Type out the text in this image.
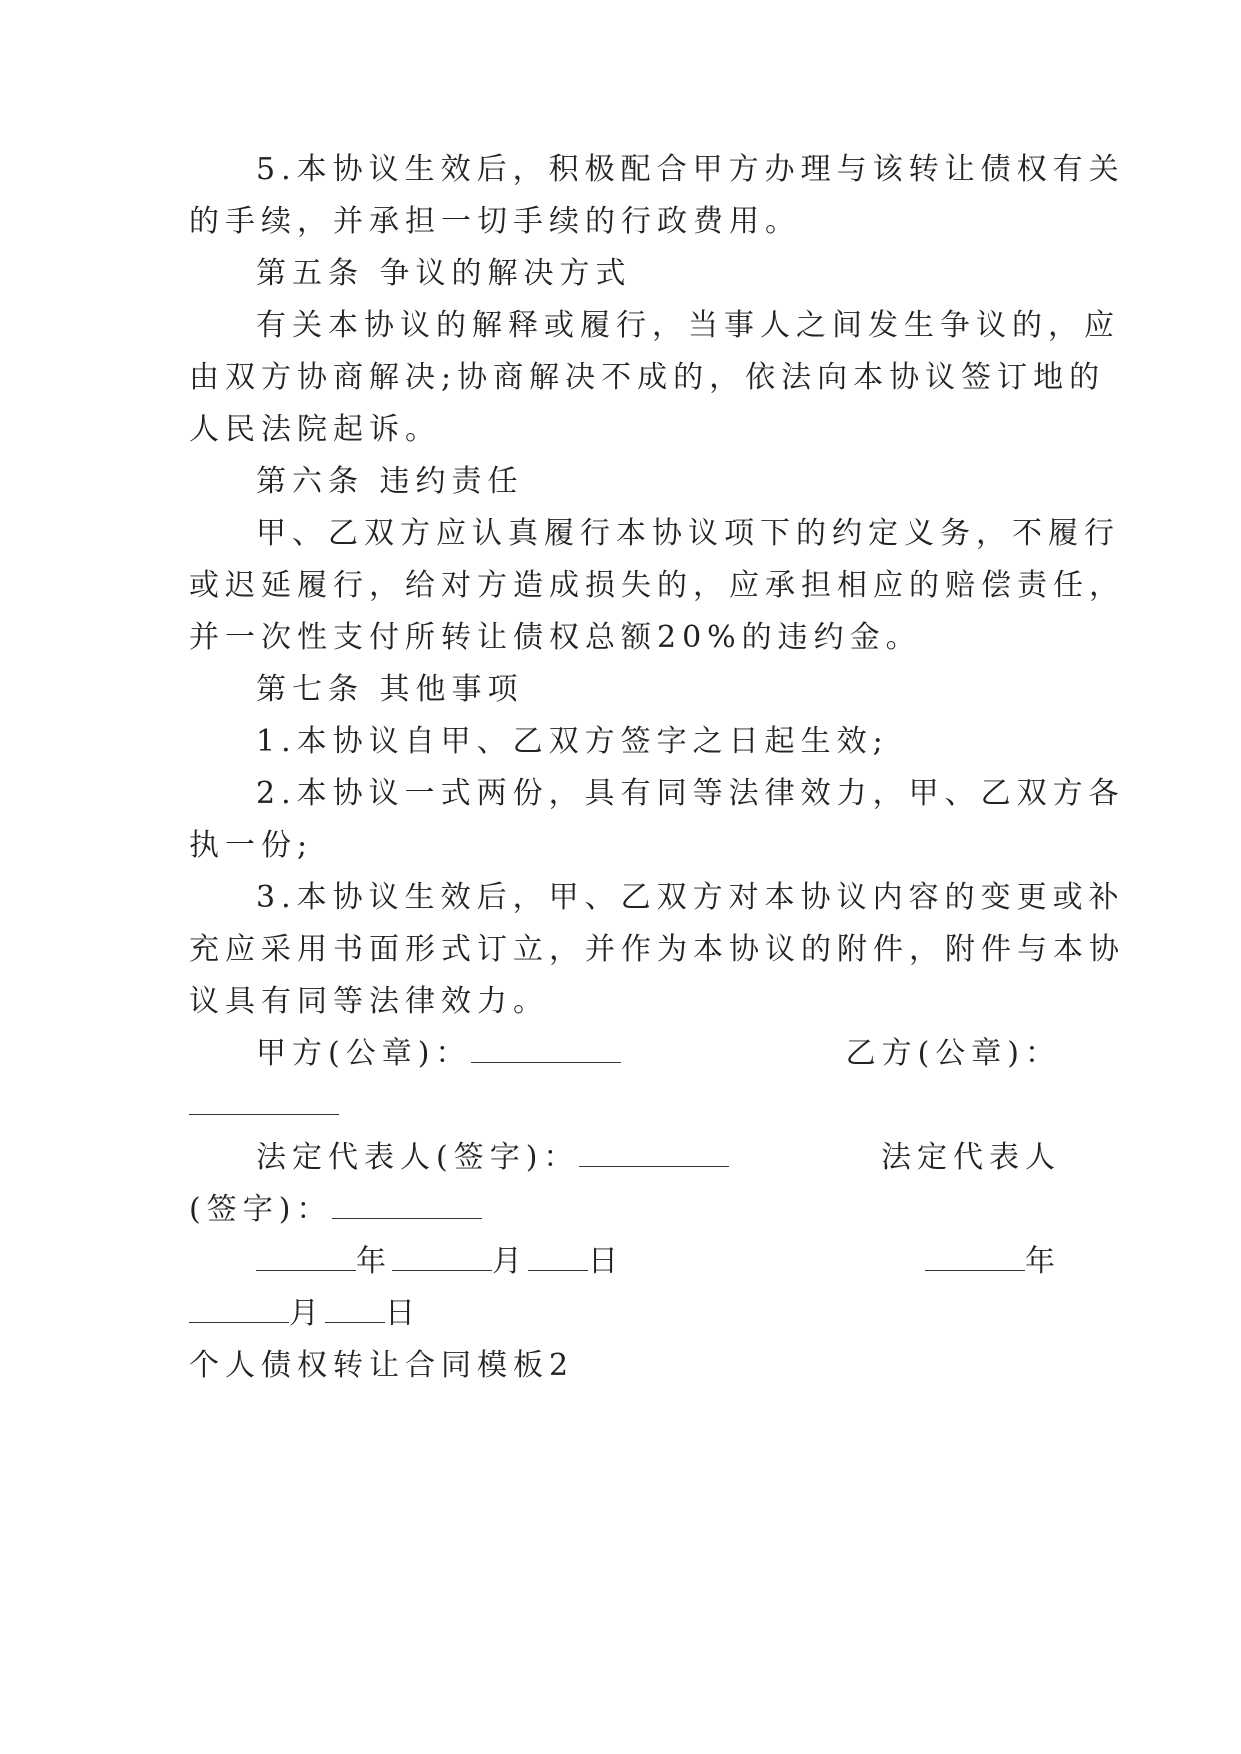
5.本协议生效后，积极配合甲方办理与该转让债权有关
的手续，并承担一切手续的行政费用。
第五条 争议的解决方式
有关本协议的解释或履行，当事人之间发生争议的，应
由双方协商解决;协商解决不成的，依法向本协议签订地的
人民法院起诉。
第六条 违约责任
甲、乙双方应认真履行本协议项下的约定义务，不履行
或迟延履行，给对方造成损失的，应承担相应的赔偿责任，
并一次性支付所转让债权总额20%的违约金。
第七条 其他事项
1.本协议自甲、乙双方签字之日起生效;
2.本协议一式两份，具有同等法律效力，甲、乙双方各
执一份;
3.本协议生效后，甲、乙双方对本协议内容的变更或补
充应采用书面形式订立，并作为本协议的附件，附件与本协
议具有同等法律效力。
甲方(公章)：	乙方(公章)：
法定代表人(签字)：	法定代表人
(签字)：
年	月 日	年
月 日
个人债权转让合同模板2
